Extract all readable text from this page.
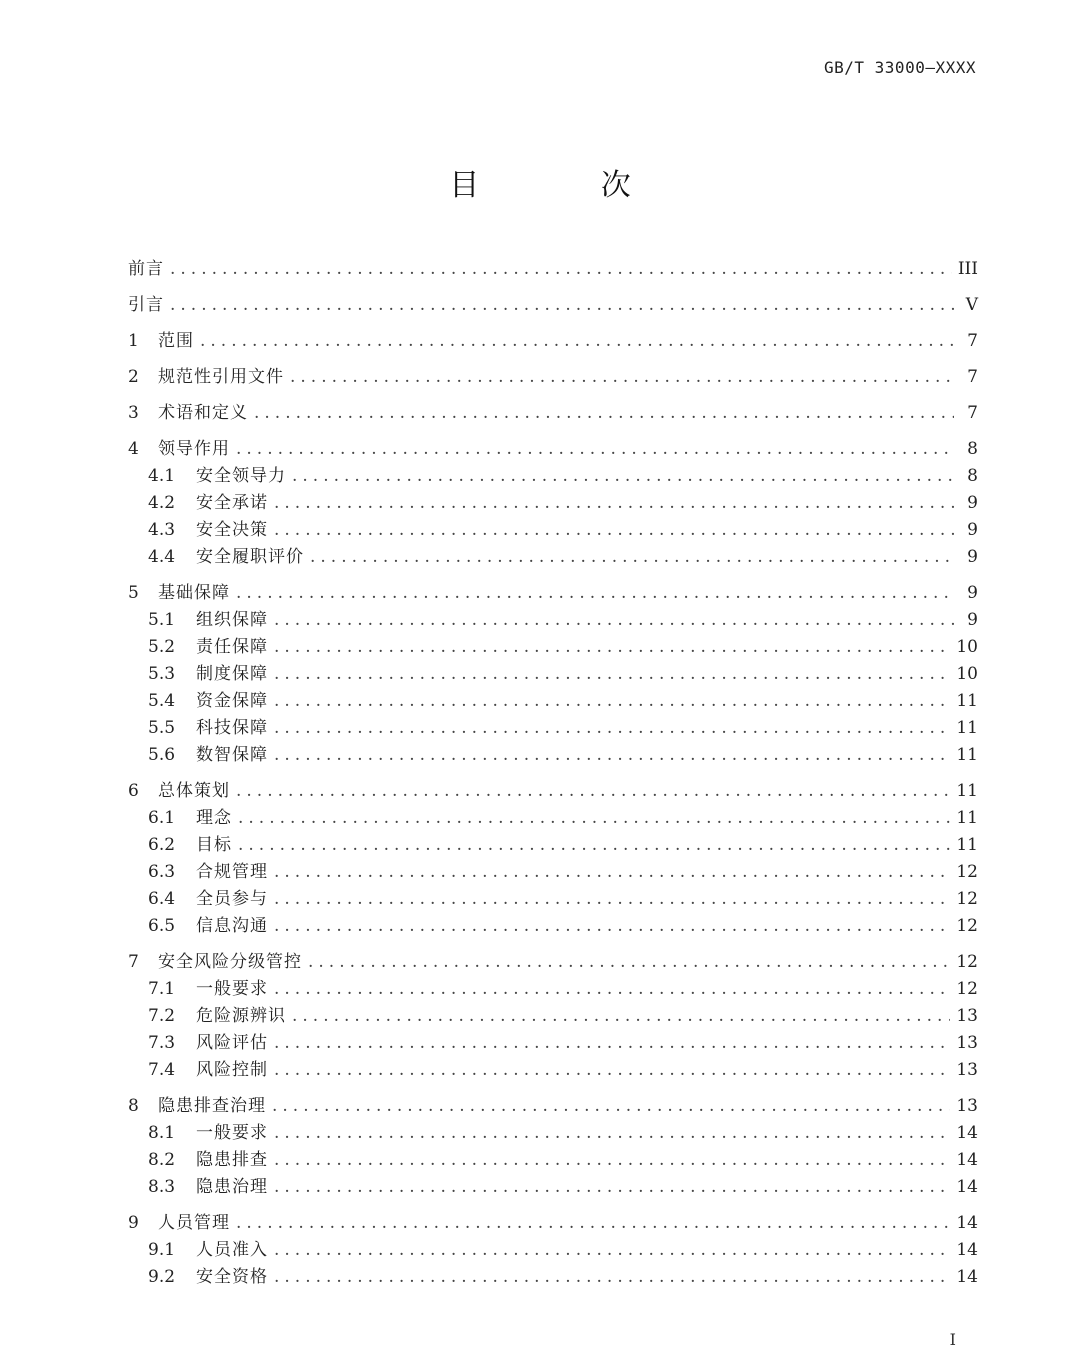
GB/T 33000—XXXX
目 次
前言 .....	III
引言 .....	V
1	范围 .....	7
2	规范性引用文件 .....	7
3	术语和定义 .....	7
4	领导作用 .....	8
4.1	安全领导力 .....	8
4.2	安全承诺 .....	9
4.3	安全决策 .....	9
4.4	安全履职评价 .....	9
5	基础保障 .....	9
5.1	组织保障 .....	9
5.2	责任保障 .....	10
5.3	制度保障 .....	10
5.4	资金保障 .....	11
5.5	科技保障 .....	11
5.6	数智保障 .....	11
6	总体策划 .....	11
6.1	理念 .....	11
6.2	目标 .....	11
6.3	合规管理 .....	12
6.4	全员参与 .....	12
6.5	信息沟通 .....	12
7	安全风险分级管控 .....	12
7.1	一般要求 .....	12
7.2	危险源辨识 .....	13
7.3	风险评估 .....	13
7.4	风险控制 .....	13
8	隐患排查治理 .....	13
8.1	一般要求 .....	14
8.2	隐患排查 .....	14
8.3	隐患治理 .....	14
9	人员管理 .....	14
9.1	人员准入 .....	14
9.2	安全资格 .....	14
I
